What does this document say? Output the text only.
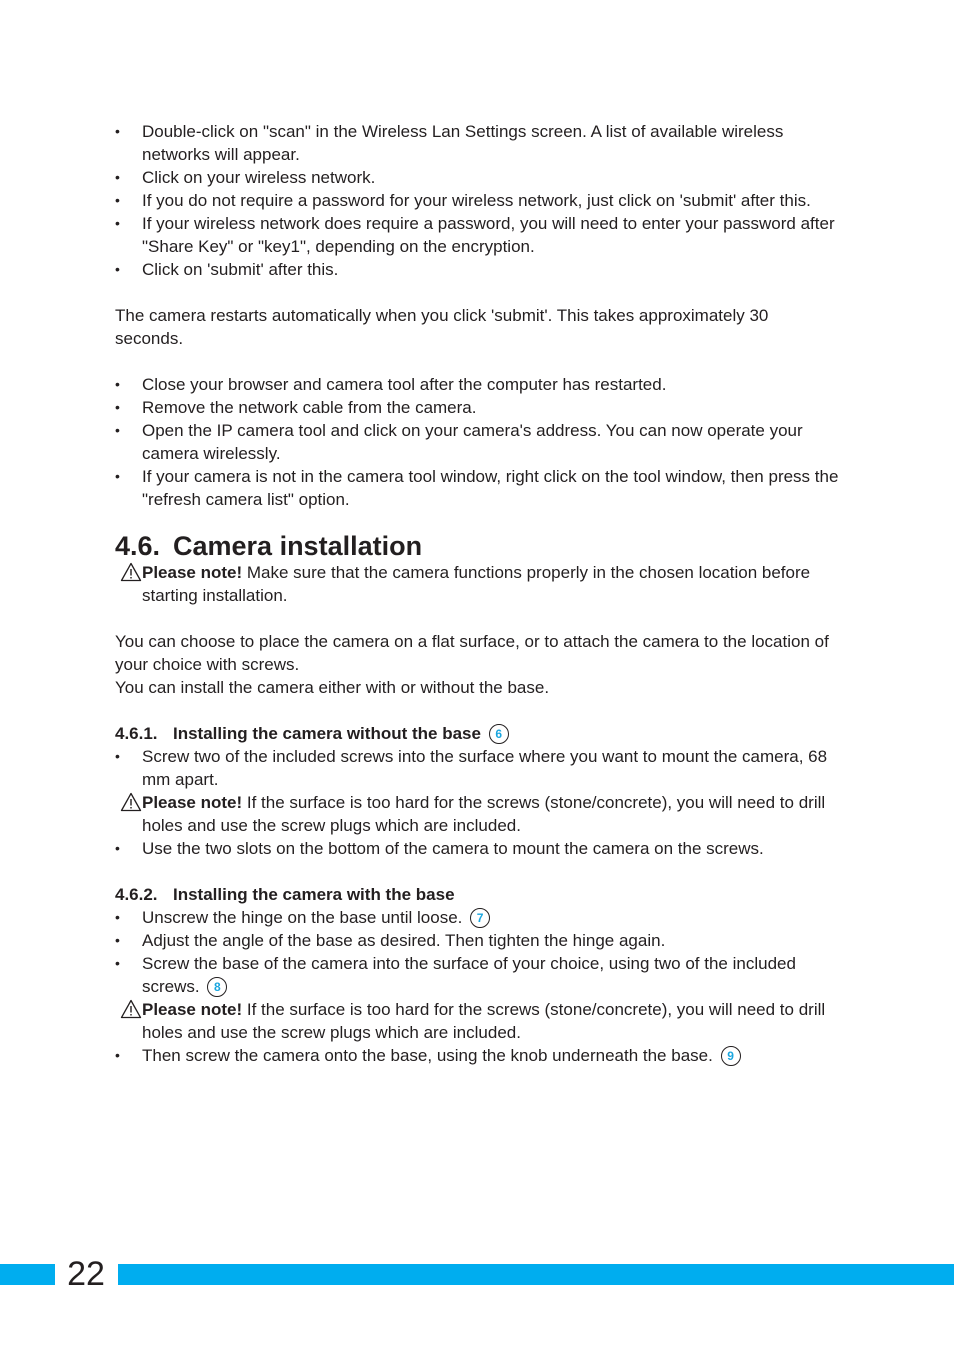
• Double-click on "scan" in the Wireless Lan Settings screen. A list of available wireless networks will appear.
• Click on your wireless network.
• If you do not require a password for your wireless network, just click on 'submit' after this.
• If your wireless network does require a password, you will need to enter your password after "Share Key" or "key1", depending on the encryption.
• Click on 'submit' after this.

The camera restarts automatically when you click 'submit'. This takes approximately 30 seconds.

• Close your browser and camera tool after the computer has restarted.
• Remove the network cable from the camera.
• Open the IP camera tool and click on your camera's address. You can now operate your camera wirelessly.
• If your camera is not in the camera tool window, right click on the tool window, then press the "refresh camera list" option.
4.6. Camera installation
Please note! Make sure that the camera functions properly in the chosen location before starting installation.

You can choose to place the camera on a flat surface, or to attach the camera to the location of your choice with screws.

You can install the camera either with or without the base.

4.6.1. Installing the camera without the base 6
• Screw two of the included screws into the surface where you want to mount the camera, 68 mm apart.
Please note! If the surface is too hard for the screws (stone/concrete), you will need to drill holes and use the screw plugs which are included.
• Use the two slots on the bottom of the camera to mount the camera on the screws.
4.6.2. Installing the camera with the base
• Unscrew the hinge on the base until loose. 7
• Adjust the angle of the base as desired. Then tighten the hinge again.
• Screw the base of the camera into the surface of your choice, using two of the included screws. 8
Please note! If the surface is too hard for the screws (stone/concrete), you will need to drill holes and use the screw plugs which are included.
• Then screw the camera onto the base, using the knob underneath the base. 9
22
